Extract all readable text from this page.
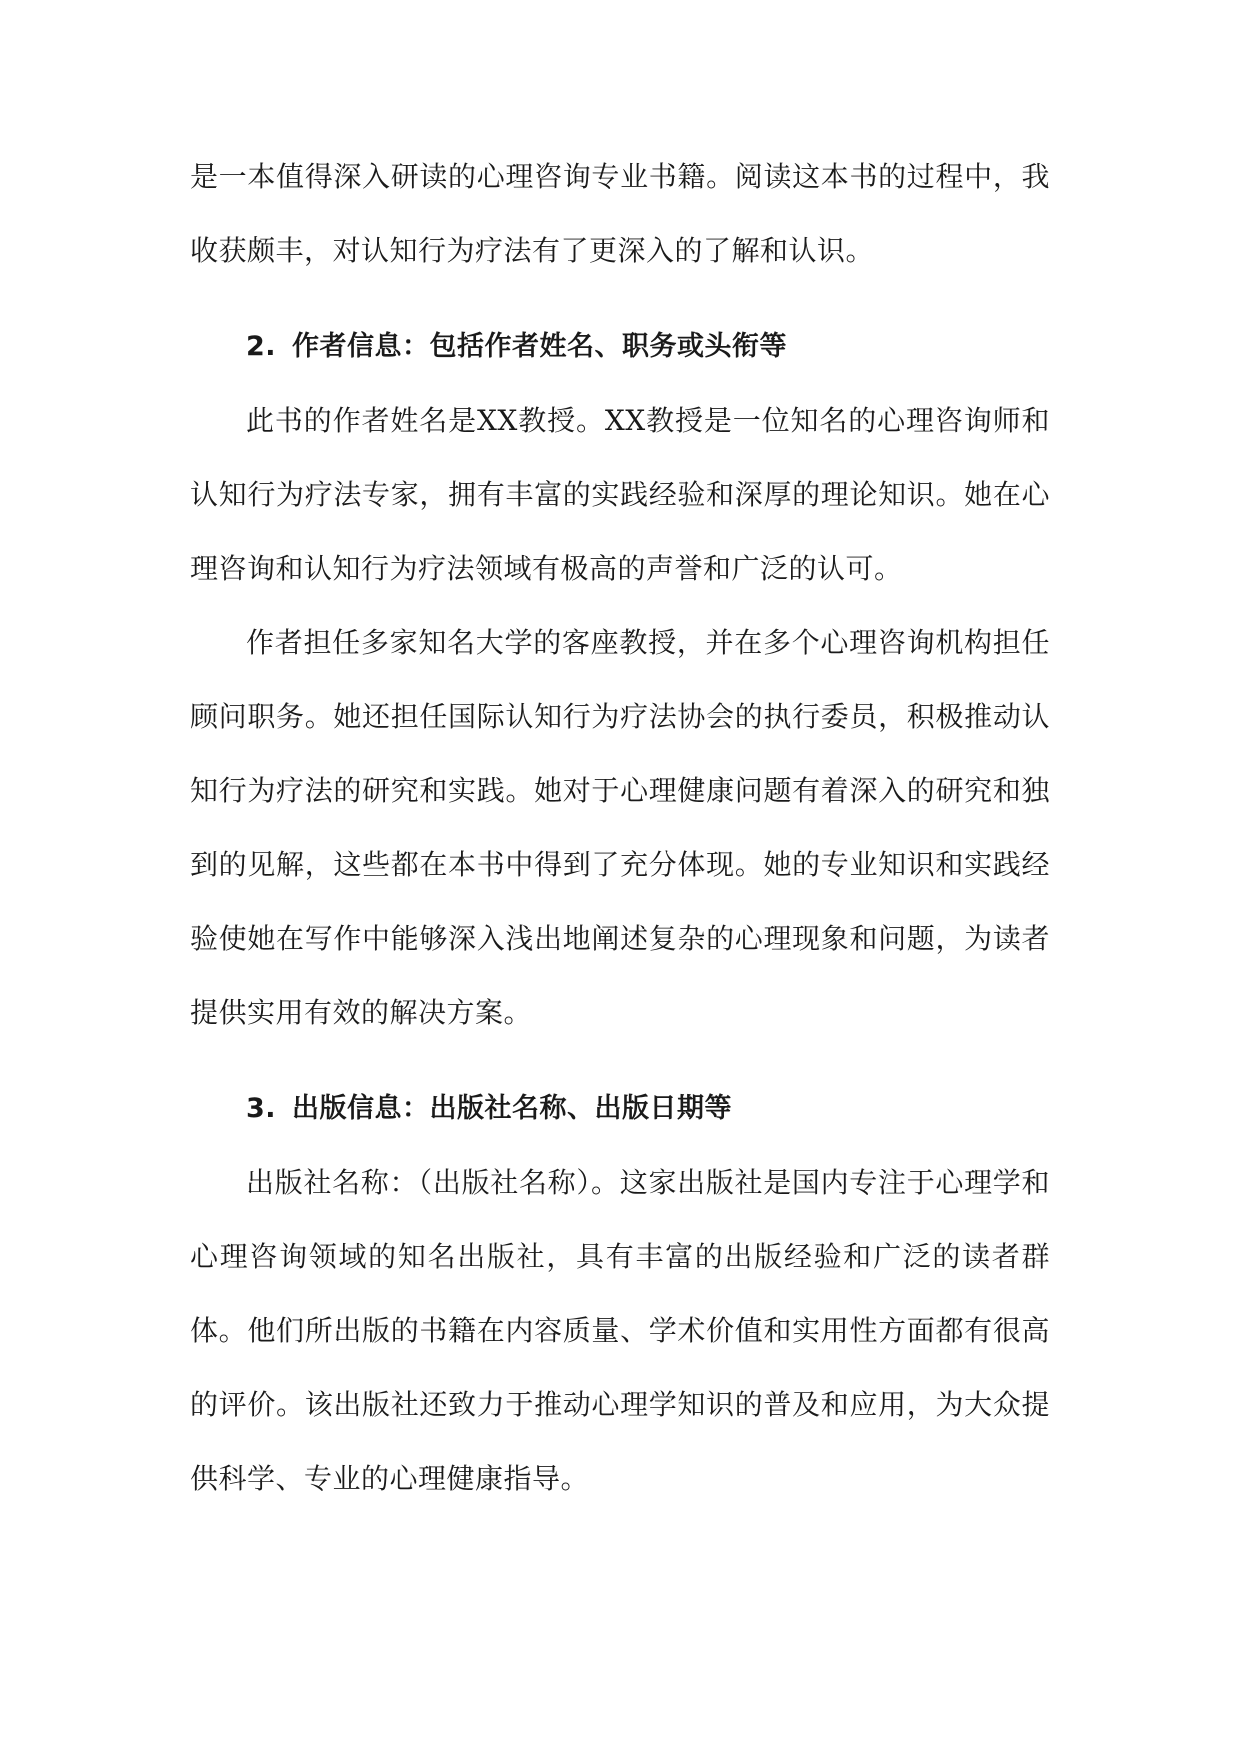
是一本值得深入研读的心理咨询专业书籍。阅读这本书的过程中，我收获颇丰，对认知行为疗法有了更深入的了解和认识。

2. 作者信息：包括作者姓名、职务或头衔等

此书的作者姓名是XX教授。XX教授是一位知名的心理咨询师和认知行为疗法专家，拥有丰富的实践经验和深厚的理论知识。她在心理咨询和认知行为疗法领域有极高的声誉和广泛的认可。

作者担任多家知名大学的客座教授，并在多个心理咨询机构担任顾问职务。她还担任国际认知行为疗法协会的执行委员，积极推动认知行为疗法的研究和实践。她对于心理健康问题有着深入的研究和独到的见解，这些都在本书中得到了充分体现。她的专业知识和实践经验使她在写作中能够深入浅出地阐述复杂的心理现象和问题，为读者提供实用有效的解决方案。

3. 出版信息：出版社名称、出版日期等

出版社名称：（出版社名称）。这家出版社是国内专注于心理学和心理咨询领域的知名出版社，具有丰富的出版经验和广泛的读者群体。他们所出版的书籍在内容质量、学术价值和实用性方面都有很高的评价。该出版社还致力于推动心理学知识的普及和应用，为大众提供科学、专业的心理健康指导。
